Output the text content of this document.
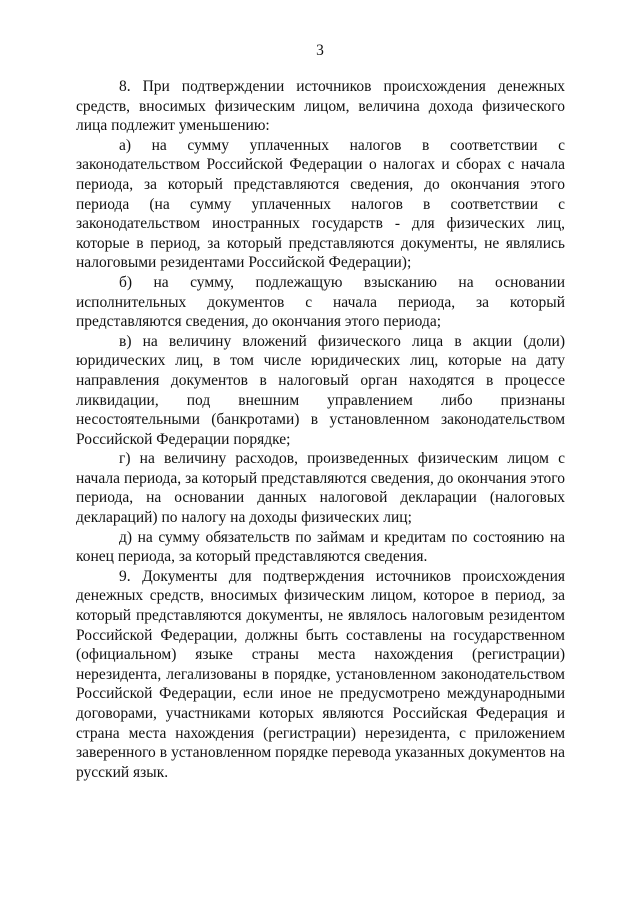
3

8. При подтверждении источников происхождения денежных средств, вносимых физическим лицом, величина дохода физического лица подлежит уменьшению:

а) на сумму уплаченных налогов в соответствии с законодательством Российской Федерации о налогах и сборах с начала периода, за который представляются сведения, до окончания этого периода (на сумму уплаченных налогов в соответствии с законодательством иностранных государств - для физических лиц, которые в период, за который представляются документы, не являлись налоговыми резидентами Российской Федерации);

б) на сумму, подлежащую взысканию на основании исполнительных документов с начала периода, за который представляются сведения, до окончания этого периода;

в) на величину вложений физического лица в акции (доли) юридических лиц, в том числе юридических лиц, которые на дату направления документов в налоговый орган находятся в процессе ликвидации, под внешним управлением либо признаны несостоятельными (банкротами) в установленном законодательством Российской Федерации порядке;

г) на величину расходов, произведенных физическим лицом с начала периода, за который представляются сведения, до окончания этого периода, на основании данных налоговой декларации (налоговых деклараций) по налогу на доходы физических лиц;

д) на сумму обязательств по займам и кредитам по состоянию на конец периода, за который представляются сведения.

9. Документы для подтверждения источников происхождения денежных средств, вносимых физическим лицом, которое в период, за который представляются документы, не являлось налоговым резидентом Российской Федерации, должны быть составлены на государственном (официальном) языке страны места нахождения (регистрации) нерезидента, легализованы в порядке, установленном законодательством Российской Федерации, если иное не предусмотрено международными договорами, участниками которых являются Российская Федерация и страна места нахождения (регистрации) нерезидента, с приложением заверенного в установленном порядке перевода указанных документов на русский язык.
